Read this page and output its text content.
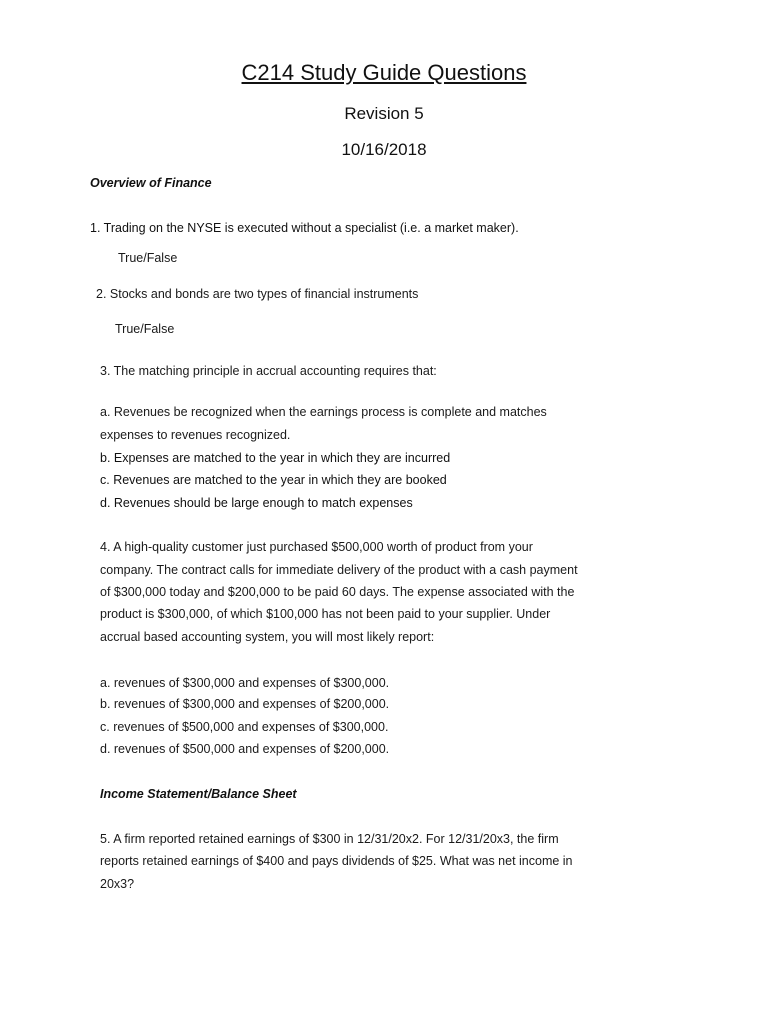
C214 Study Guide Questions
Revision 5
10/16/2018
Overview of Finance
1. Trading on the NYSE is executed without a specialist (i.e. a market maker).
True/False
2. Stocks and bonds are two types of financial instruments
True/False
3. The matching principle in accrual accounting requires that:
a. Revenues be recognized when the earnings process is complete and matches
expenses to revenues recognized.
b. Expenses are matched to the year in which they are incurred
c. Revenues are matched to the year in which they are booked
d. Revenues should be large enough to match expenses
4. A high-quality customer just purchased $500,000 worth of product from your
company. The contract calls for immediate delivery of the product with a cash payment
of $300,000 today and $200,000 to be paid 60 days. The expense associated with the
product is $300,000, of which $100,000 has not been paid to your supplier. Under
accrual based accounting system, you will most likely report:
a. revenues of $300,000 and expenses of $300,000.
b. revenues of $300,000 and expenses of $200,000.
c. revenues of $500,000 and expenses of $300,000.
d. revenues of $500,000 and expenses of $200,000.
Income Statement/Balance Sheet
5. A firm reported retained earnings of $300 in 12/31/20x2. For 12/31/20x3, the firm
reports retained earnings of $400 and pays dividends of $25. What was net income in
20x3?
